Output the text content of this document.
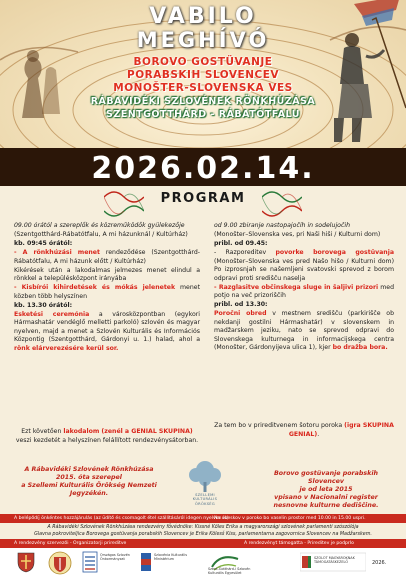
VABILO
MEGHÍVÓ
BOROVO GOSTÜVANJE
PORABSKIH SLOVENCEV
MONOŠTER-SLOVENSKA VES
RÁBAVIDÉKI SZLOVÉNEK RÖNKHÚZÁSA
SZENTGOTTHÁRD - RÁBATÓTFALU
2026.02.14.
PROGRAM

09.00 órától a szereplők és közreműködők gyülekezője

(Szentgotthárd-Rábatótfalu, A mi házunknál / Kultúrház)

kb. 09:45 órától:

- A rönkhúzási menet rendeződése (Szentgotthárd-Rábatótfalu, A mi házunk előtt / Kultúrház)

Kikérések után a lakodalmas jelmezes menet elindul a rönkkel a településközpont irányába

- Kisbírói kihirdetések és mókás jelenetek menet közben több helyszínen

kb. 13.30 órától:

Esketési ceremónia a városközpontban (egykori Hármashatár vendéglő melletti parkoló) szlovén és magyar nyelven, majd a menet a Szlovén Kulturális és Információs Központig (Szentgotthárd, Gárdonyi u. 1.) halad, ahol a rönk elárverezésére kerül sor.

Ezt követően lakodalom (zenél a GENIAL SKUPINA) veszi kezdetét a helyszínen felállított rendezvénysátorban.

od 9.00 zbiranje nastopajočih in sodelujočih

(Monošter–Slovenska ves, pri Naši hiši / Kulturni dom)

pribl. od 09.45:

- Razporeditev povorke borovega gostüvanja (Monošter–Slovenska ves pred Našo hišo / Kulturni dom) Po izprosnjah se našemljeni svatovski sprevod z borom odpravi proti središču naselja

- Razglasitve občinskega sluge in šaljivi prizori med potjo na več prizoriščih

pribl. od 13.30:

Poročni obred v mestnem središču (parkirišče ob nekdanji gostilni Hármashatár) v slovenskem in madžarskem jeziku, nato se sprevod odpravi do Slovenskega kulturnega in informacijskega centra (Monošter, Gárdonyijeva ulica 1), kjer bo dražba bora.

Za tem bo v prireditvenem šotoru poroka (igra SKUPINA GENIAL).
A Rábavidéki Szlovének Rönkhúzása
2015. óta szerepel
a Szellemi Kulturális Örökség Nemzeti Jegyzékén.	SZELLEMI
KULTURÁLIS
ÖRÖKSÉG
Borovo gostüvanje porabskih Slovencev
je od leta 2015
vpisano v Nacionalni register
nesnovne kulturne dediščine.
A belépődíj önkéntes hozzájárulás (az üdítő és csomagolt étel szállításáról idegen nyelven is)
Na obeskov v poroko bo vaselin prostor med 10.00 in 15.00 uspri.
A Rábavidéki Szlovének Rönkhúzása rendezvény fővédnöke: Kissné Köles Erika a magyarországi szlovének parlamenti szószólója
Glavna pokroviteljica Borovega gostüvanja porabskih Slovencev je Erika Kölesš Kiss, parlamentarna zagovornica Slovencev na Madžarskem.
A rendezvény szervezői - Organizatorji prireditve	A rendezvényt támogatta - Prireditev je podprlo
Országos Szlovén Önkormányzat
Szlovénia Kulturális Ministérium
Szent-Gotthárd-i Szlovén Kulturális Egyesület
SZOLOT MAGYAROKNAK TÁMOGATÁSKEZELŐ	2026.
